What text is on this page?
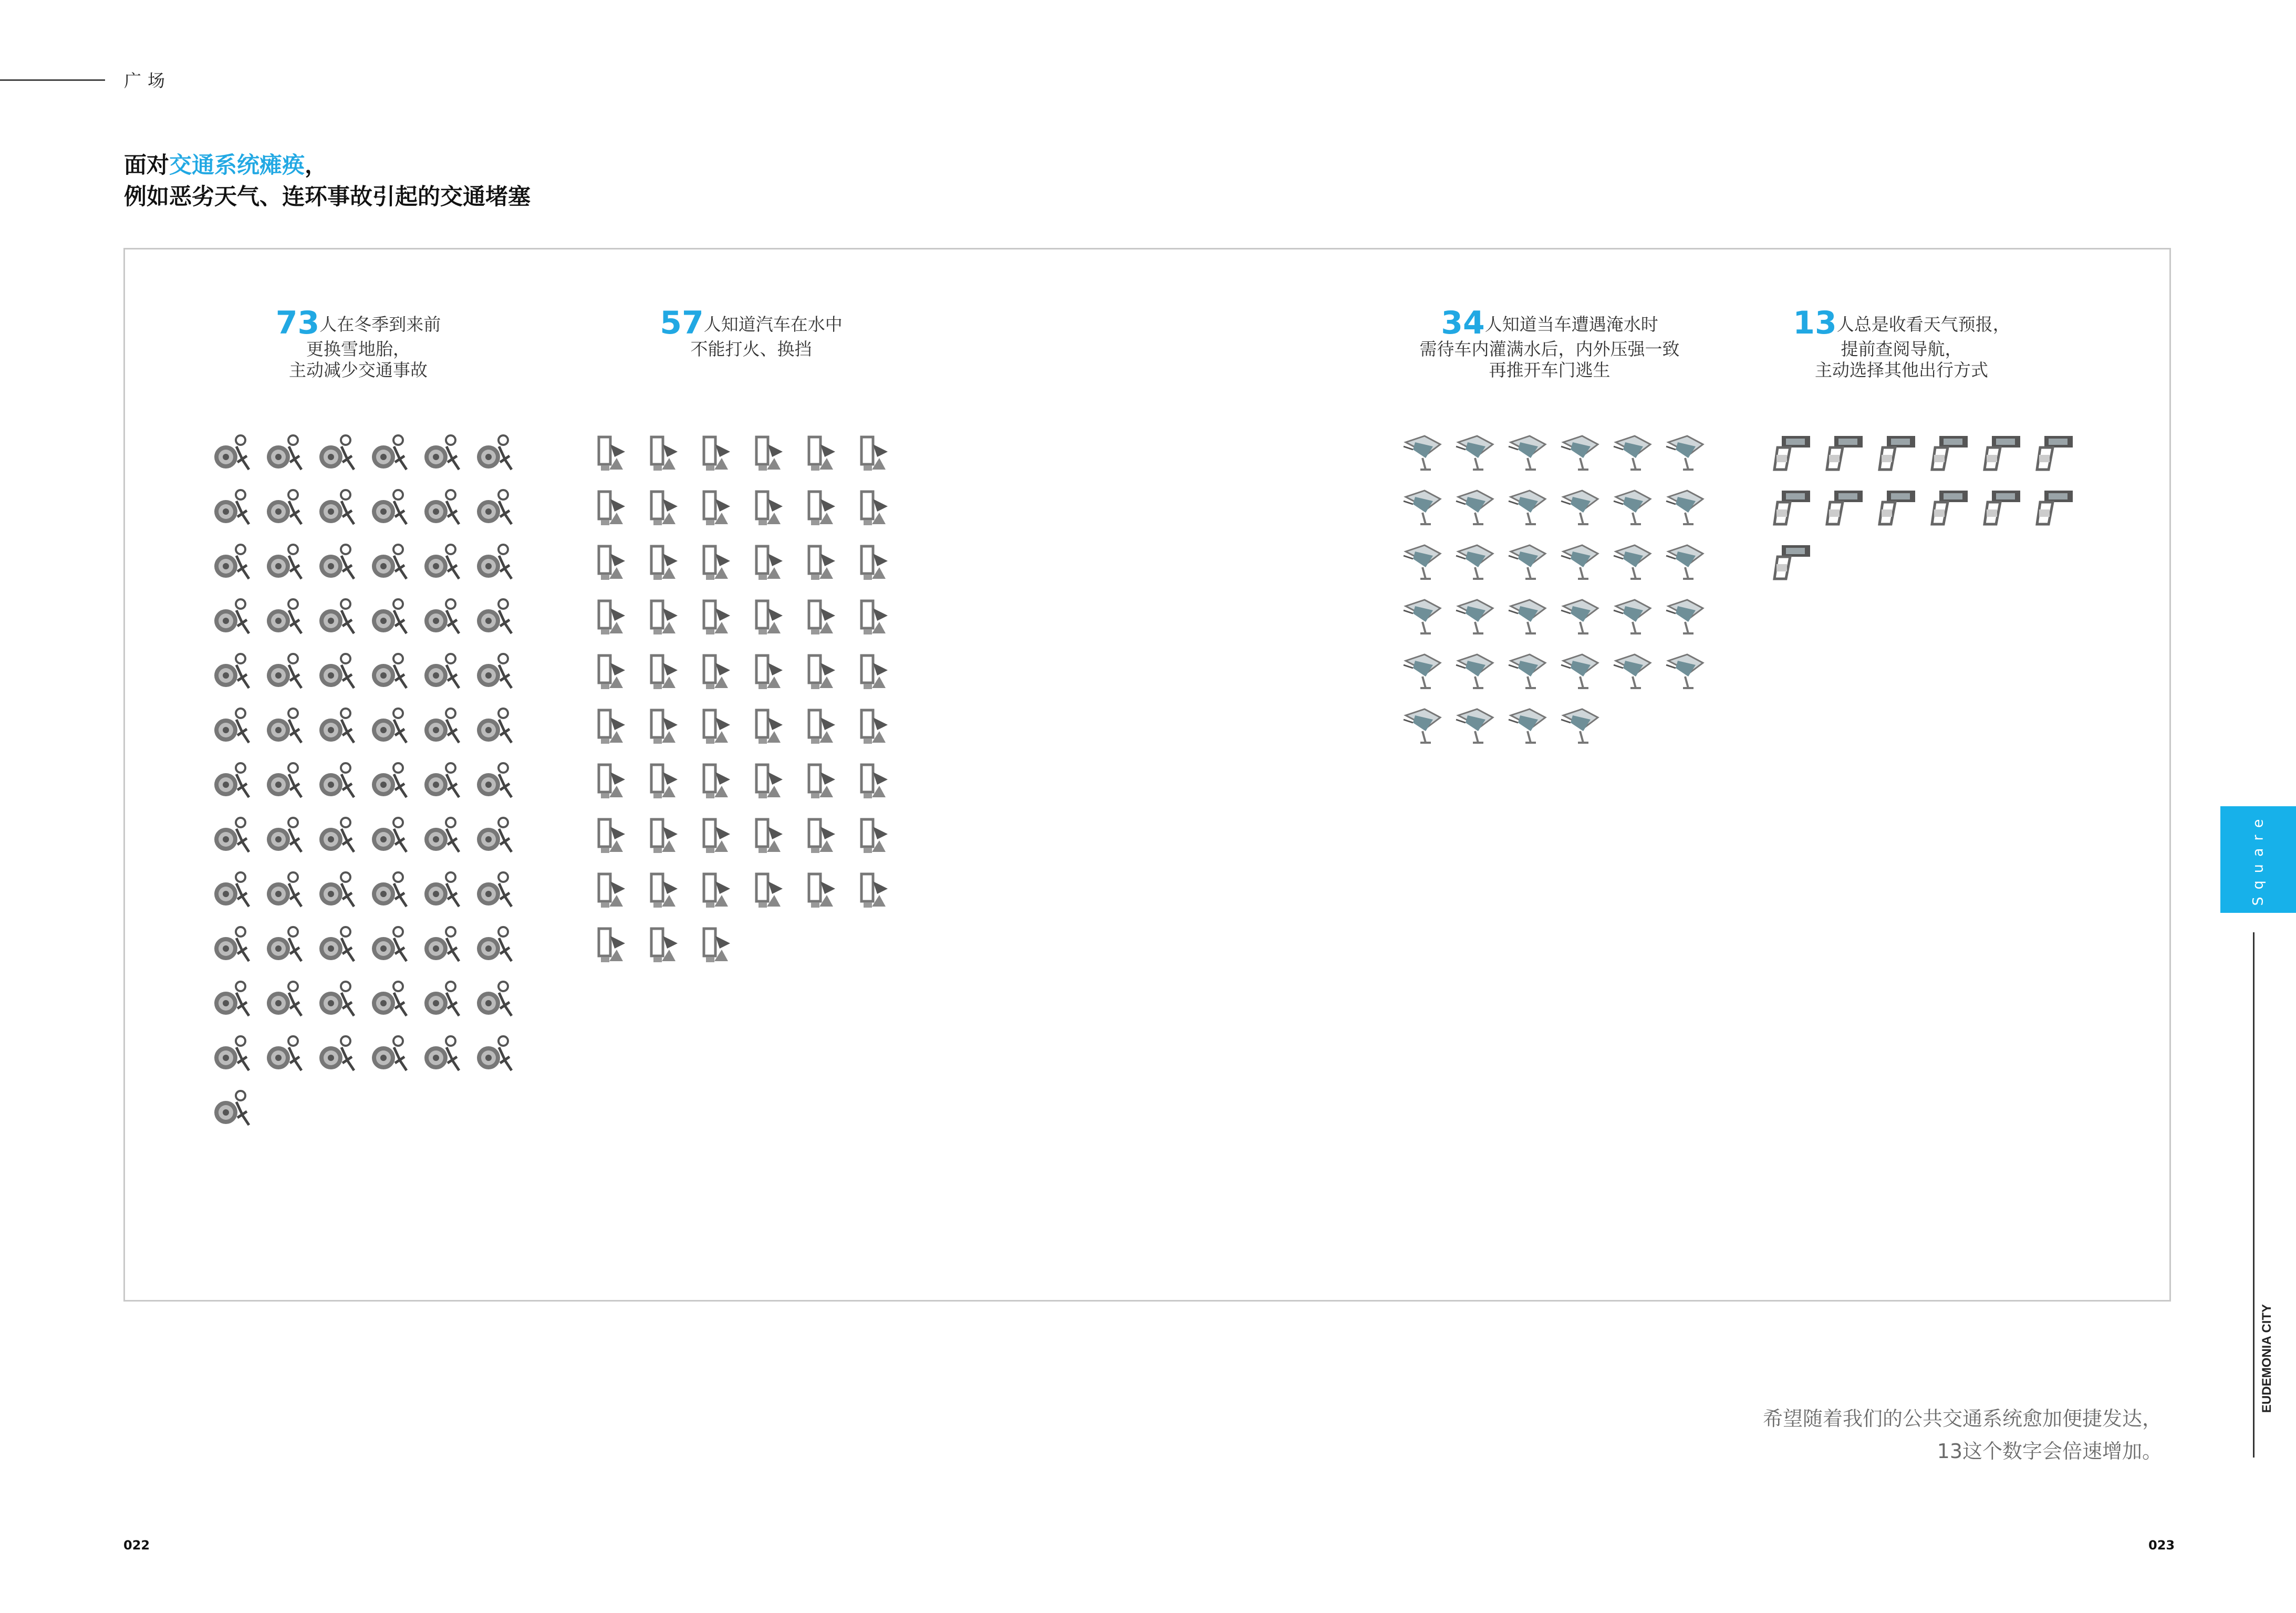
广场
面对交通系统瘫痪，
例如恶劣天气、连环事故引起的交通堵塞
73人在冬季到来前
更换雪地胎，
主动减少交通事故
57人知道汽车在水中
不能打火、换挡
34人知道当车遭遇淹水时
需待车内灌满水后，内外压强一致
再推开车门逃生
13人总是收看天气预报，
提前查阅导航，
主动选择其他出行方式
希望随着我们的公共交通系统愈加便捷发达，
13这个数字会倍速增加。
022	023
Square
EUDEMONIA CITY
